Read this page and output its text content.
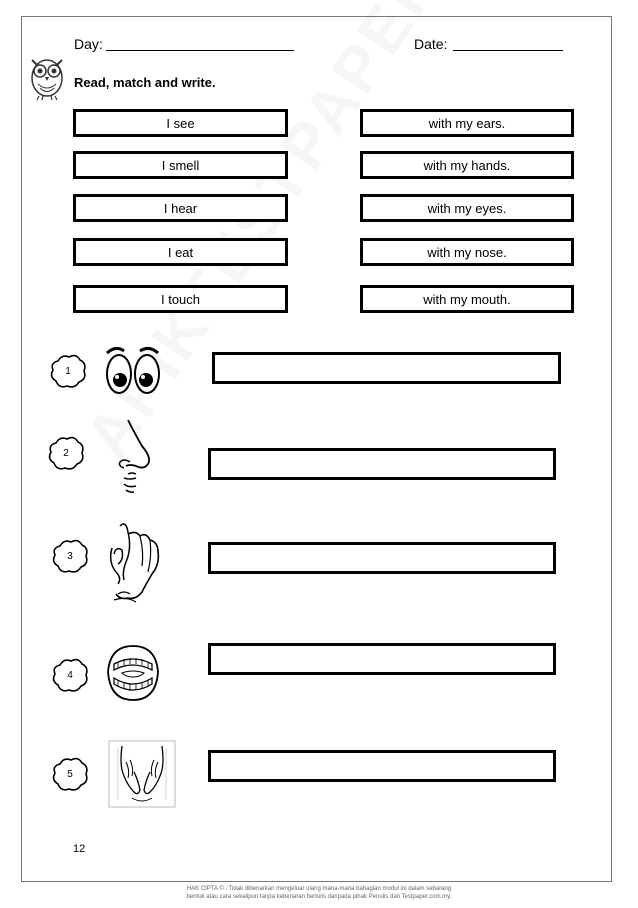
Day:	Date:
Read, match and write.
I see
I smell
I hear
I eat
I touch
with my ears.
with my hands.
with my eyes.
with my nose.
with my mouth.
1
2
3
4
5
12
HAK CIPTA © : Tidak dibenarkan mengeluar ulang mana-mana bahagian modul ini dalam sebarang
bentuk atau cara sekalipun tanpa kebenaran bertulis daripada pihak Penulis dan Testpaper.com.my.
